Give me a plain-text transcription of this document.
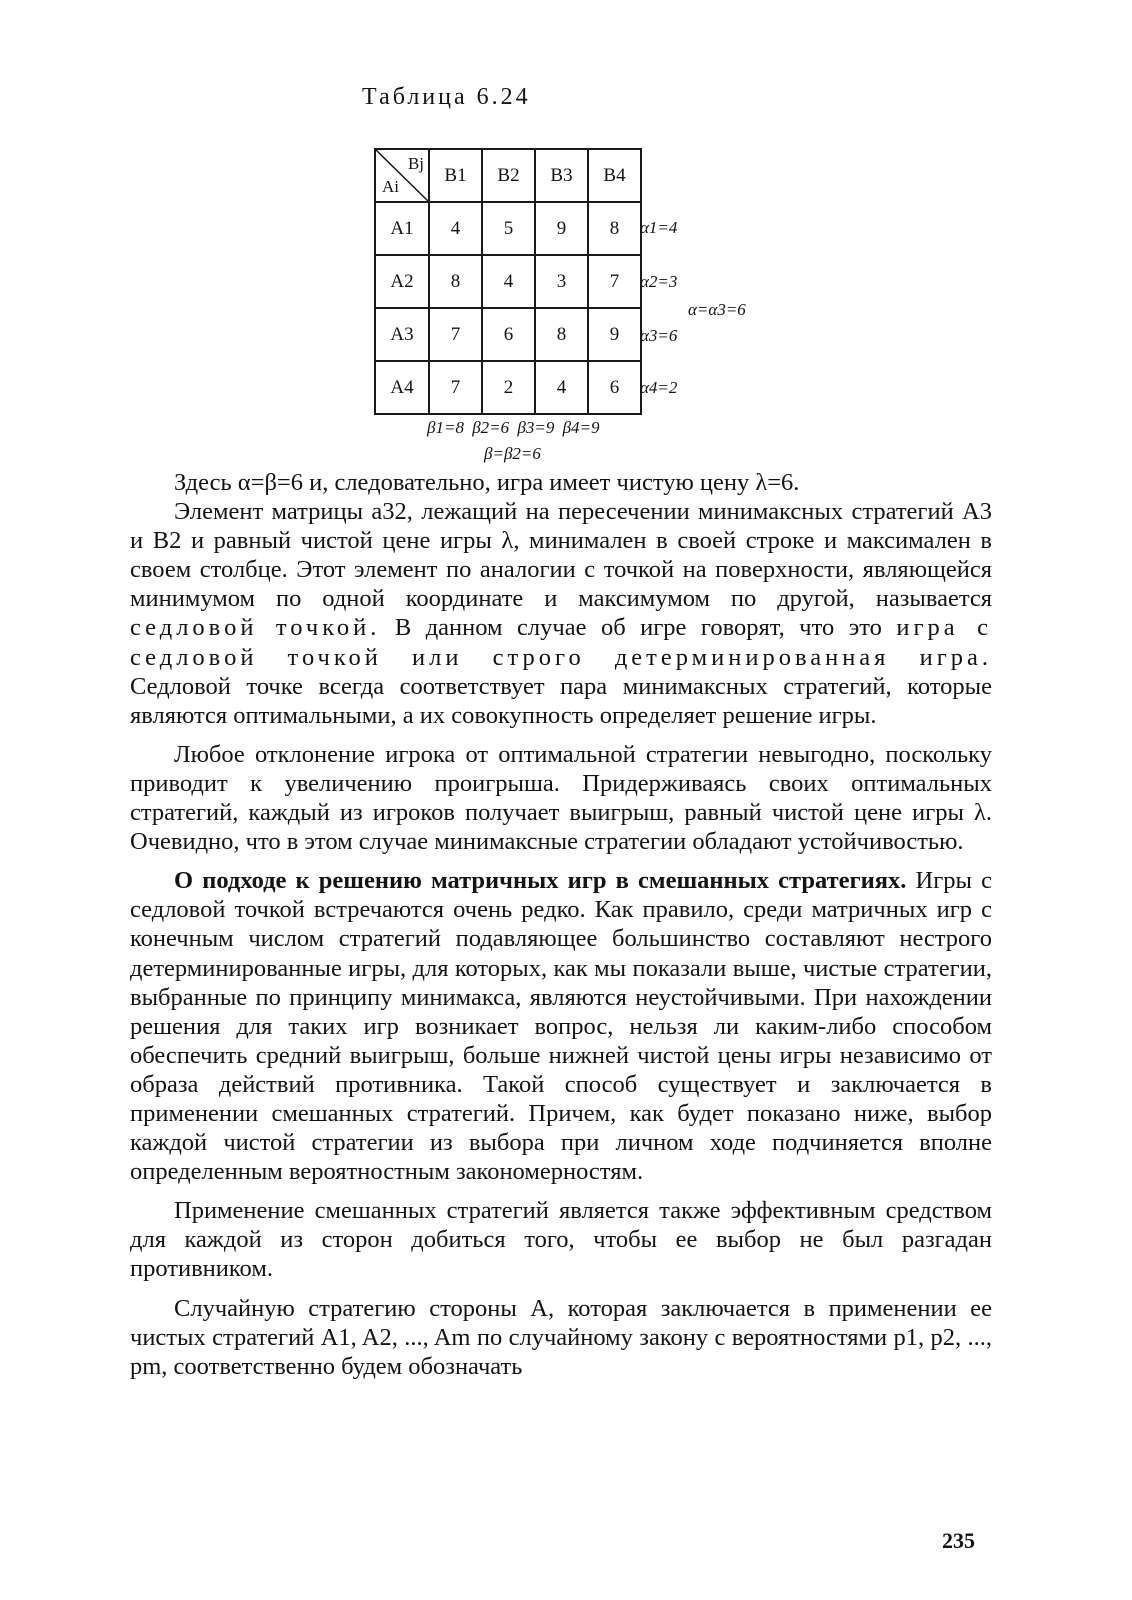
Таблица 6.24
Bj
Ai	B1	B2	B3	B4
A1	4	5	9	8
A2	8	4	3	7
A3	7	6	8	9
A4	7	2	4	6
α1=4
α2=3
α3=6
α4=2
α=α3=6
β1=8 β2=6 β3=9 β4=9
β=β2=6

Здесь α=β=6 и, следовательно, игра имеет чистую цену λ=6.

Элемент матрицы a32, лежащий на пересечении минимаксных стратегий A3 и B2 и равный чистой цене игры λ, минимален в своей строке и максимален в своем столбце. Этот элемент по аналогии с точкой на поверхности, являющейся минимумом по одной координате и максимумом по другой, называется седловой точкой. В данном случае об игре говорят, что это игра с седловой точкой или строго детерминированная игра. Седловой точке всегда соответствует пара минимаксных стратегий, которые являются оптимальными, а их совокупность определяет решение игры.

Любое отклонение игрока от оптимальной стратегии невыгодно, поскольку приводит к увеличению проигрыша. Придерживаясь своих оптимальных стратегий, каждый из игроков получает выигрыш, равный чистой цене игры λ. Очевидно, что в этом случае минимаксные стратегии обладают устойчивостью.

О подходе к решению матричных игр в смешанных стратегиях. Игры с седловой точкой встречаются очень редко. Как правило, среди матричных игр с конечным числом стратегий подавляющее большинство составляют нестрого детерминированные игры, для которых, как мы показали выше, чистые стратегии, выбранные по принципу минимакса, являются неустойчивыми. При нахождении решения для таких игр возникает вопрос, нельзя ли каким-либо способом обеспечить средний выигрыш, больше нижней чистой цены игры независимо от образа действий противника. Такой способ существует и заключается в применении смешанных стратегий. Причем, как будет показано ниже, выбор каждой чистой стратегии из выбора при личном ходе подчиняется вполне определенным вероятностным закономерностям.

Применение смешанных стратегий является также эффективным средством для каждой из сторон добиться того, чтобы ее выбор не был разгадан противником.

Случайную стратегию стороны A, которая заключается в применении ее чистых стратегий A1, A2, ..., Am по случайному закону с вероятностями p1, p2, ..., pm, соответственно будем обозначать

235
